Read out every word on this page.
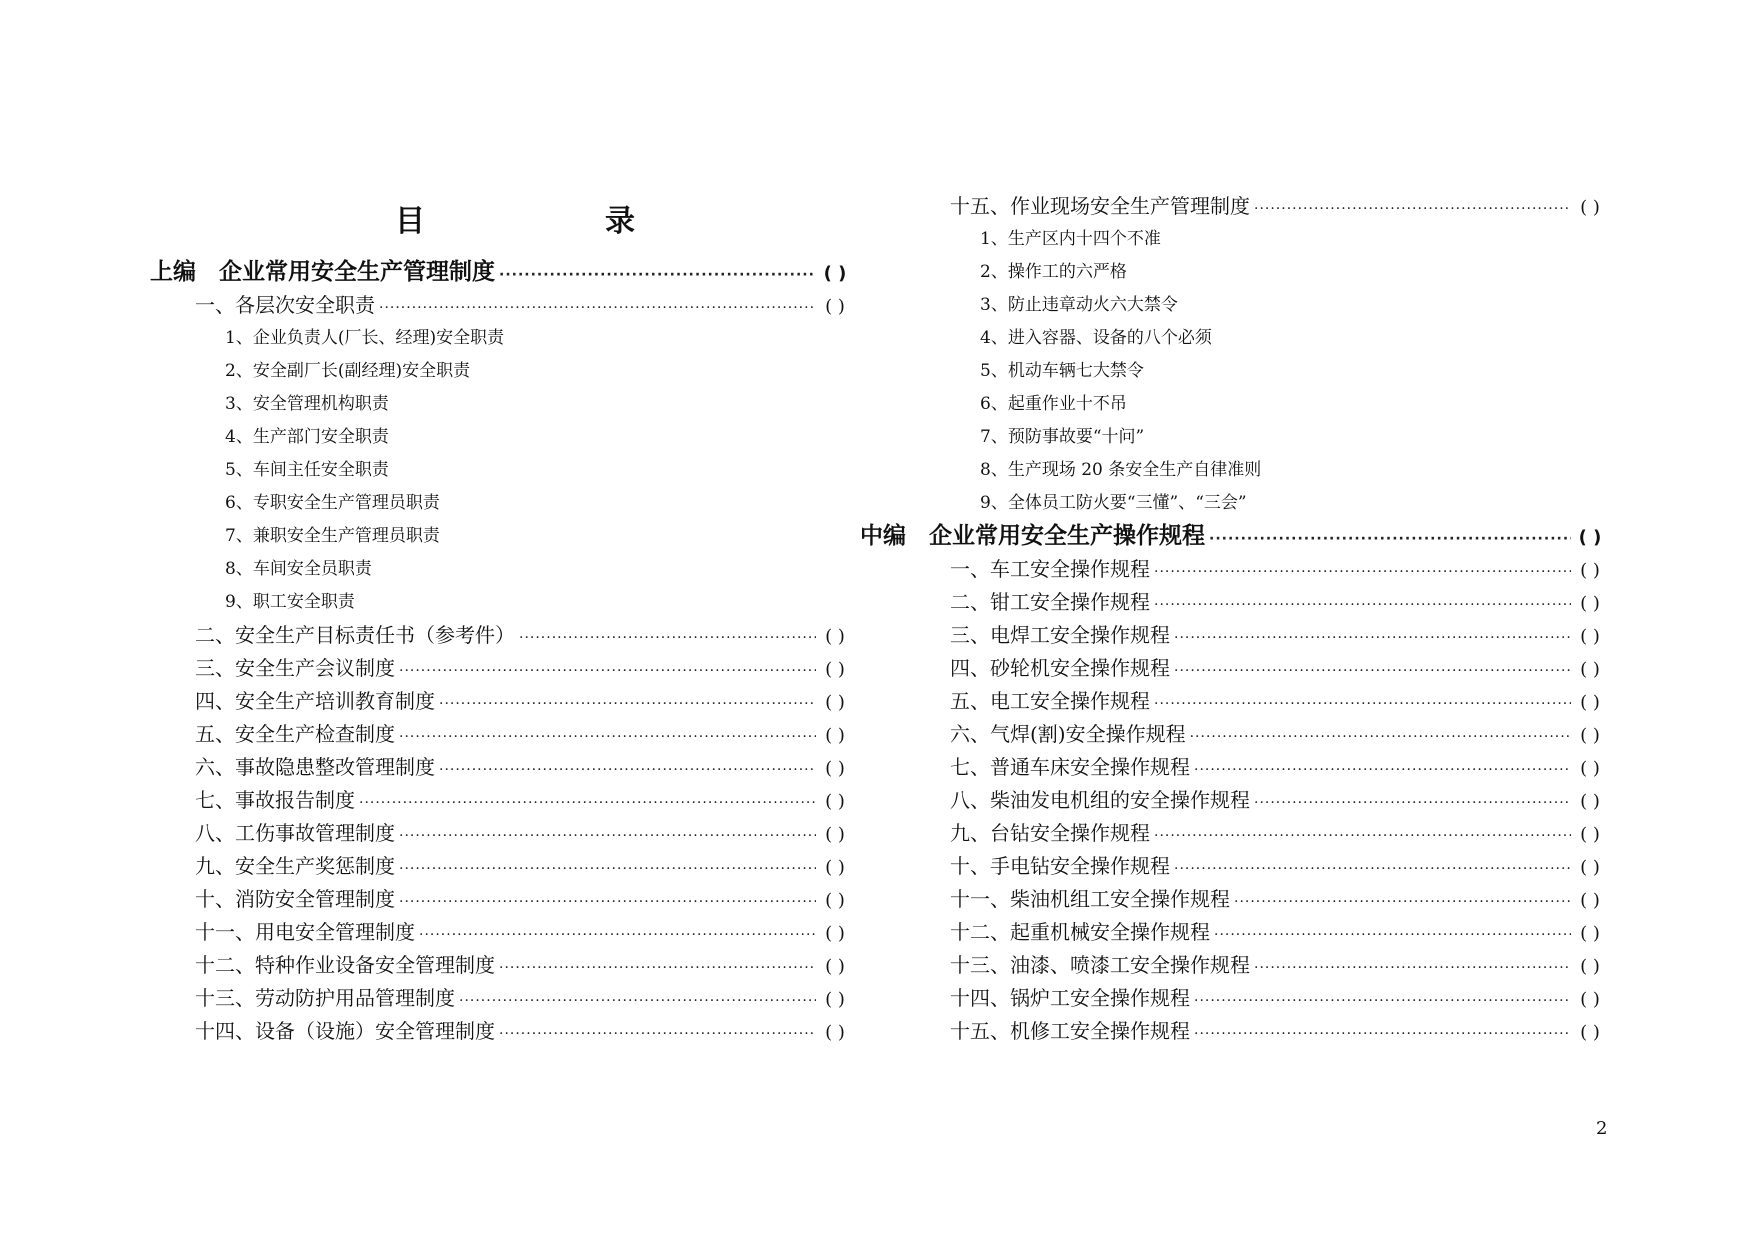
目　　录
上编　企业常用安全生产管理制度 ·····	( )
一、各层次安全职责 ·····	( )
1、企业负责人(厂长、经理)安全职责
2、安全副厂长(副经理)安全职责
3、安全管理机构职责
4、生产部门安全职责
5、车间主任安全职责
6、专职安全生产管理员职责
7、兼职安全生产管理员职责
8、车间安全员职责
9、职工安全职责
二、安全生产目标责任书（参考件） ·····	( )
三、安全生产会议制度 ·····	( )
四、安全生产培训教育制度 ·····	( )
五、安全生产检查制度 ·····	( )
六、事故隐患整改管理制度 ·····	( )
七、事故报告制度 ·····	( )
八、工伤事故管理制度 ·····	( )
九、安全生产奖惩制度 ·····	( )
十、消防安全管理制度 ·····	( )
十一、用电安全管理制度 ·····	( )
十二、特种作业设备安全管理制度 ·····	( )
十三、劳动防护用品管理制度 ·····	( )
十四、设备（设施）安全管理制度 ·····	( )
十五、作业现场安全生产管理制度 ·····	( )
1、生产区内十四个不准
2、操作工的六严格
3、防止违章动火六大禁令
4、进入容器、设备的八个必须
5、机动车辆七大禁令
6、起重作业十不吊
7、预防事故要“十问”
8、生产现场 20 条安全生产自律准则
9、全体员工防火要“三懂”、“三会”
中编　企业常用安全生产操作规程 ·····	( )
一、车工安全操作规程 ·····	( )
二、钳工安全操作规程 ·····	( )
三、电焊工安全操作规程 ·····	( )
四、砂轮机安全操作规程 ·····	( )
五、电工安全操作规程 ·····	( )
六、气焊(割)安全操作规程 ·····	( )
七、普通车床安全操作规程 ·····	( )
八、柴油发电机组的安全操作规程 ·····	( )
九、台钻安全操作规程 ·····	( )
十、手电钻安全操作规程 ·····	( )
十一、柴油机组工安全操作规程 ·····	( )
十二、起重机械安全操作规程 ·····	( )
十三、油漆、喷漆工安全操作规程 ·····	( )
十四、锅炉工安全操作规程 ·····	( )
十五、机修工安全操作规程 ·····	( )
2
